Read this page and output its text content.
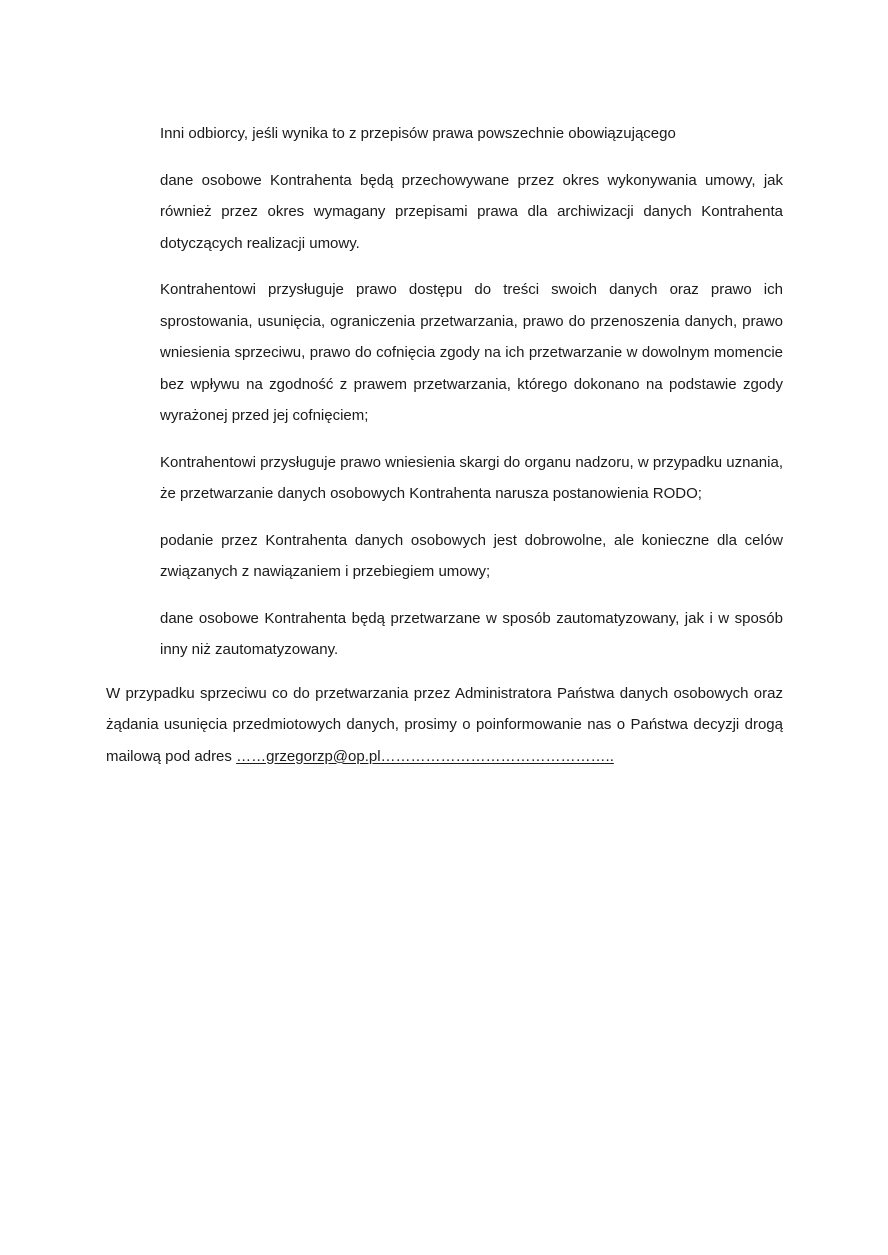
Inni odbiorcy, jeśli wynika to z przepisów prawa powszechnie obowiązującego

dane osobowe Kontrahenta będą przechowywane przez okres wykonywania umowy, jak również przez okres wymagany przepisami prawa dla archiwizacji danych Kontrahenta dotyczących realizacji umowy.

Kontrahentowi przysługuje prawo dostępu do treści swoich danych oraz prawo ich sprostowania, usunięcia, ograniczenia przetwarzania, prawo do przenoszenia danych, prawo wniesienia sprzeciwu, prawo do cofnięcia zgody na ich przetwarzanie w dowolnym momencie bez wpływu na zgodność z prawem przetwarzania, którego dokonano na podstawie zgody wyrażonej przed jej cofnięciem;

Kontrahentowi przysługuje prawo wniesienia skargi do organu nadzoru, w przypadku uznania, że przetwarzanie danych osobowych Kontrahenta narusza postanowienia RODO;

podanie przez Kontrahenta danych osobowych jest dobrowolne, ale konieczne dla celów związanych z nawiązaniem i przebiegiem umowy;

dane osobowe Kontrahenta będą przetwarzane w sposób zautomatyzowany, jak i w sposób inny niż zautomatyzowany.

W przypadku sprzeciwu co do przetwarzania przez Administratora Państwa danych osobowych oraz żądania usunięcia przedmiotowych danych, prosimy o poinformowanie nas o Państwa decyzji drogą mailową pod adres ……grzegorzp@op.pl………………………………………..
